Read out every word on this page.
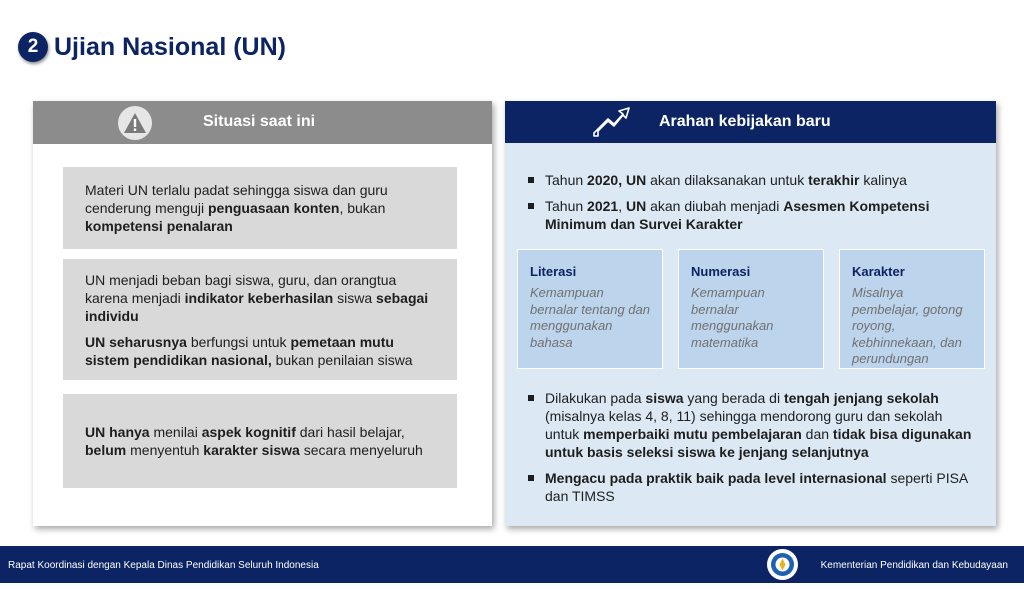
2 Ujian Nasional (UN)
Situasi saat ini

Materi UN terlalu padat sehingga siswa dan guru cenderung menguji penguasaan konten, bukan kompetensi penalaran

UN menjadi beban bagi siswa, guru, dan orangtua karena menjadi indikator keberhasilan siswa sebagai individu

UN seharusnya berfungsi untuk pemetaan mutu sistem pendidikan nasional, bukan penilaian siswa

UN hanya menilai aspek kognitif dari hasil belajar, belum menyentuh karakter siswa secara menyeluruh

Arahan kebijakan baru
Tahun 2020, UN akan dilaksanakan untuk terakhir kalinya
Tahun 2021, UN akan diubah menjadi Asesmen Kompetensi Minimum dan Survei Karakter
Literasi
Kemampuan bernalar tentang dan menggunakan bahasa
Numerasi
Kemampuan bernalar menggunakan matematika
Karakter
Misalnya pembelajar, gotong royong, kebhinnekaan, dan perundungan
Dilakukan pada siswa yang berada di tengah jenjang sekolah (misalnya kelas 4, 8, 11) sehingga mendorong guru dan sekolah untuk memperbaiki mutu pembelajaran dan tidak bisa digunakan untuk basis seleksi siswa ke jenjang selanjutnya
Mengacu pada praktik baik pada level internasional seperti PISA dan TIMSS
Rapat Koordinasi dengan Kepala Dinas Pendidikan Seluruh Indonesia	Kementerian Pendidikan dan Kebudayaan
